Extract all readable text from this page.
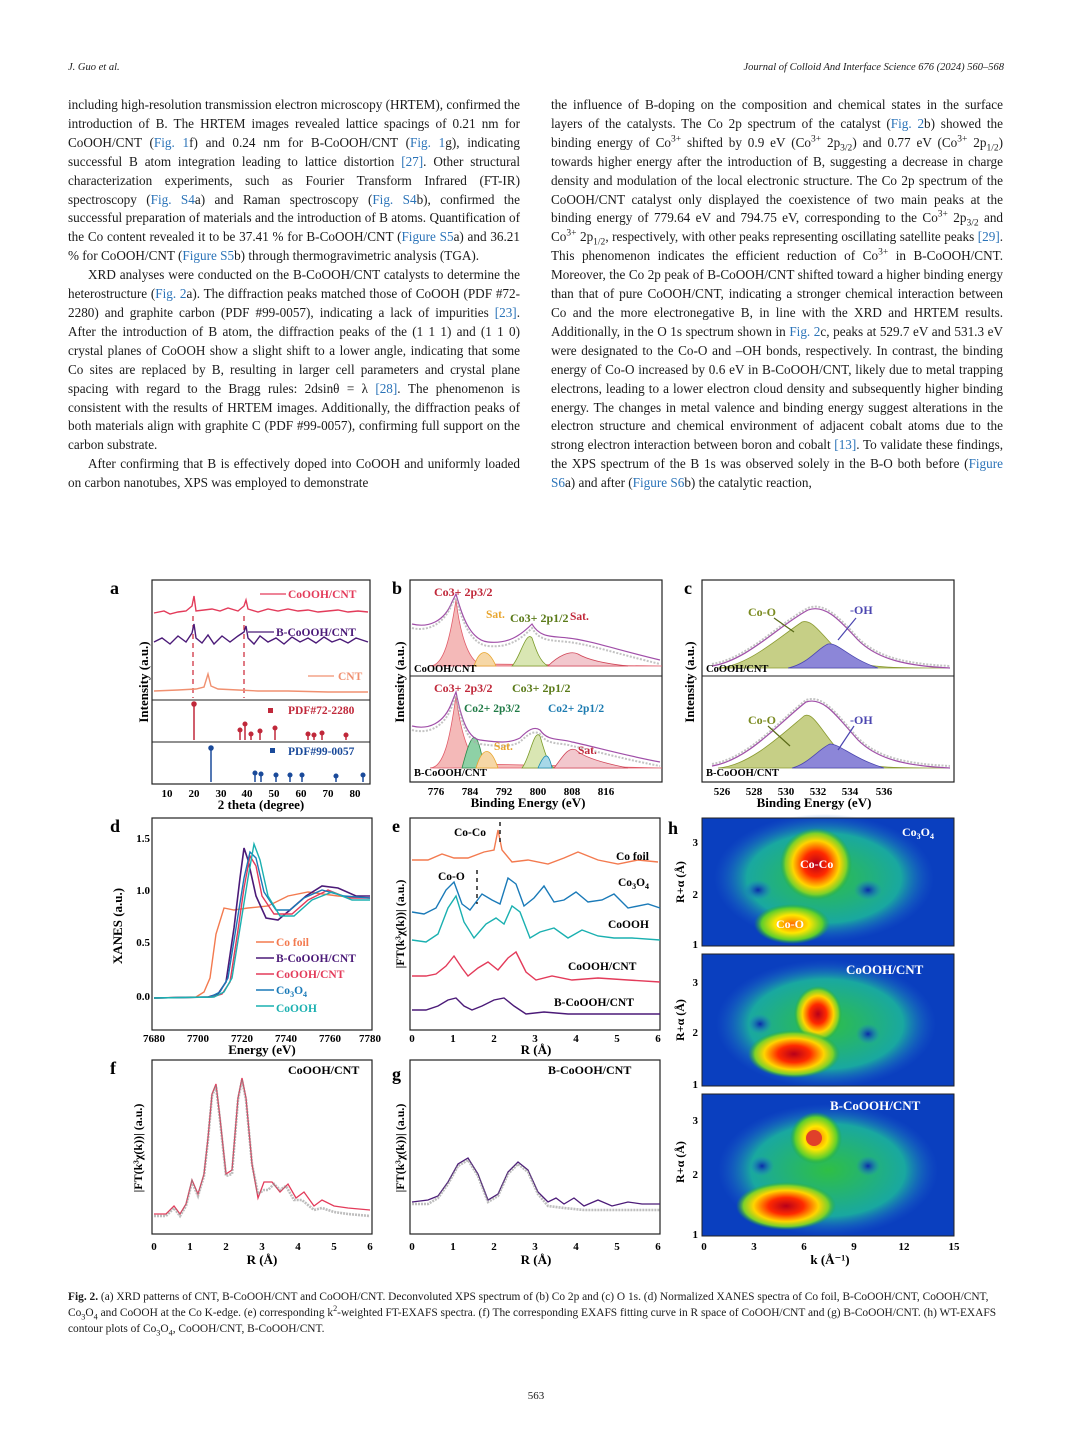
J. Guo et al.	Journal of Colloid And Interface Science 676 (2024) 560–568

including high-resolution transmission electron microscopy (HRTEM), confirmed the introduction of B. The HRTEM images revealed lattice spacings of 0.21 nm for CoOOH/CNT (Fig. 1f) and 0.24 nm for B-CoOOH/CNT (Fig. 1g), indicating successful B atom integration leading to lattice distortion [27]. Other structural characterization experiments, such as Fourier Transform Infrared (FT-IR) spectroscopy (Fig. S4a) and Raman spectroscopy (Fig. S4b), confirmed the successful preparation of materials and the introduction of B atoms. Quantification of the Co content revealed it to be 37.41 % for B-CoOOH/CNT (Figure S5a) and 36.21 % for CoOOH/CNT (Figure S5b) through thermogravimetric analysis (TGA).

XRD analyses were conducted on the B-CoOOH/CNT catalysts to determine the heterostructure (Fig. 2a). The diffraction peaks matched those of CoOOH (PDF #72-2280) and graphite carbon (PDF #99-0057), indicating a lack of impurities [23]. After the introduction of B atom, the diffraction peaks of the (1 1 1) and (1 1 0) crystal planes of CoOOH show a slight shift to a lower angle, indicating that some Co sites are replaced by B, resulting in larger cell parameters and crystal plane spacing with regard to the Bragg rules: 2dsinθ = λ [28]. The phenomenon is consistent with the results of HRTEM images. Additionally, the diffraction peaks of both materials align with graphite C (PDF #99-0057), confirming full support on the carbon substrate.

After confirming that B is effectively doped into CoOOH and uniformly loaded on carbon nanotubes, XPS was employed to demonstrate

the influence of B-doping on the composition and chemical states in the surface layers of the catalysts. The Co 2p spectrum of the catalyst (Fig. 2b) showed the binding energy of $Co^{3+}$ shifted by 0.9 eV ($Co^{3+}$ $2p_{3/2}$) and 0.77 eV ($Co^{3+}$ $2p_{1/2}$) towards higher energy after the introduction of B, suggesting a decrease in charge density and modulation of the local electronic structure. The Co 2p spectrum of the CoOOH/CNT catalyst only displayed the coexistence of two main peaks at the binding energy of 779.64 eV and 794.75 eV, corresponding to the $Co^{3+}$ $2p_{3/2}$ and $Co^{3+}$ $2p_{1/2}$, respectively, with other peaks representing oscillating satellite peaks [29]. This phenomenon indicates the efficient reduction of $Co^{3+}$ in B-CoOOH/CNT. Moreover, the Co 2p peak of B-CoOOH/CNT shifted toward a higher binding energy than that of pure CoOOH/CNT, indicating a stronger chemical interaction between Co and the more electronegative B, in line with the XRD and HRTEM results. Additionally, in the O 1s spectrum shown in Fig. 2c, peaks at 529.7 eV and 531.3 eV were designated to the Co-O and –OH bonds, respectively. In contrast, the binding energy of Co-O increased by 0.6 eV in B-CoOOH/CNT, likely due to metal trapping electrons, leading to a lower electron cloud density and subsequently higher binding energy. The changes in metal valence and binding energy suggest alterations in the electron structure and chemical environment of adjacent cobalt atoms due to the strong electron interaction between boron and cobalt [13]. To validate these findings, the XPS spectrum of the B 1s was observed solely in the B-O both before (Figure S6a) and after (Figure S6b) the catalytic reaction,

a	CoOOH/CNT
B-CoOOH/CNT
CNT
PDF#72-2280
PDF#99-0057
Intensity (a.u.)
10 20 30 40 50 60 70 80
2 theta (degree)
b	Co3+ 2p3/2
Sat. Co3+ 2p1/2 Sat.
CoOOH/CNT
Co3+ 2p3/2 Co3+ 2p1/2
Co2+ 2p3/2 Co2+ 2p1/2
Sat.	Sat.
B-CoOOH/CNT
Intensity (a.u.)
776 784 792 800 808 816
Binding Energy (eV)
c
Co-O	-OH
CoOOH/CNT
Co-O	-OH
B-CoOOH/CNT
Intensity (a.u.)
526 528 530 532 534 536
Binding Energy (eV)
d
1.5
1.0
0.5
0.0
Co foil
B-CoOOH/CNT
CoOOH/CNT
$Co_3O_4$
CoOOH
XANES (a.u.)
7680 7700 7720 7740 7760 7780
Energy (eV)
e	Co-Co
Co-O
Co foil
$Co_3O_4$
CoOOH
CoOOH/CNT
B-CoOOH/CNT
|FT(k³χ(k))| (a.u.)
0	1	2	3	4	5	6
R (Å)
f	CoOOH/CNT
|FT(k³χ(k))| (a.u.)
0	1	2	3	4	5	6
R (Å)
g	B-CoOOH/CNT
|FT(k³χ(k))| (a.u.)
0	1	2	3	4	5	6
R (Å)
h	$Co_3O_4$
Co-Co
Co-O
CoOOH/CNT
B-CoOOH/CNT
3
2
1
3
2
1
3
2
1
R+α (Å)
R+α (Å)
R+α (Å)
0	3	6	9	12	15
k (Å⁻¹)
Fig. 2. (a) XRD patterns of CNT, B-CoOOH/CNT and CoOOH/CNT. Deconvoluted XPS spectrum of (b) Co 2p and (c) O 1s. (d) Normalized XANES spectra of Co foil, B-CoOOH/CNT, CoOOH/CNT, $Co_3O_4$ and CoOOH at the Co K-edge. (e) corresponding $k^2$-weighted FT-EXAFS spectra. (f) The corresponding EXAFS fitting curve in R space of CoOOH/CNT and (g) B-CoOOH/CNT. (h) WT-EXAFS contour plots of $Co_3O_4$, CoOOH/CNT, B-CoOOH/CNT.
563
